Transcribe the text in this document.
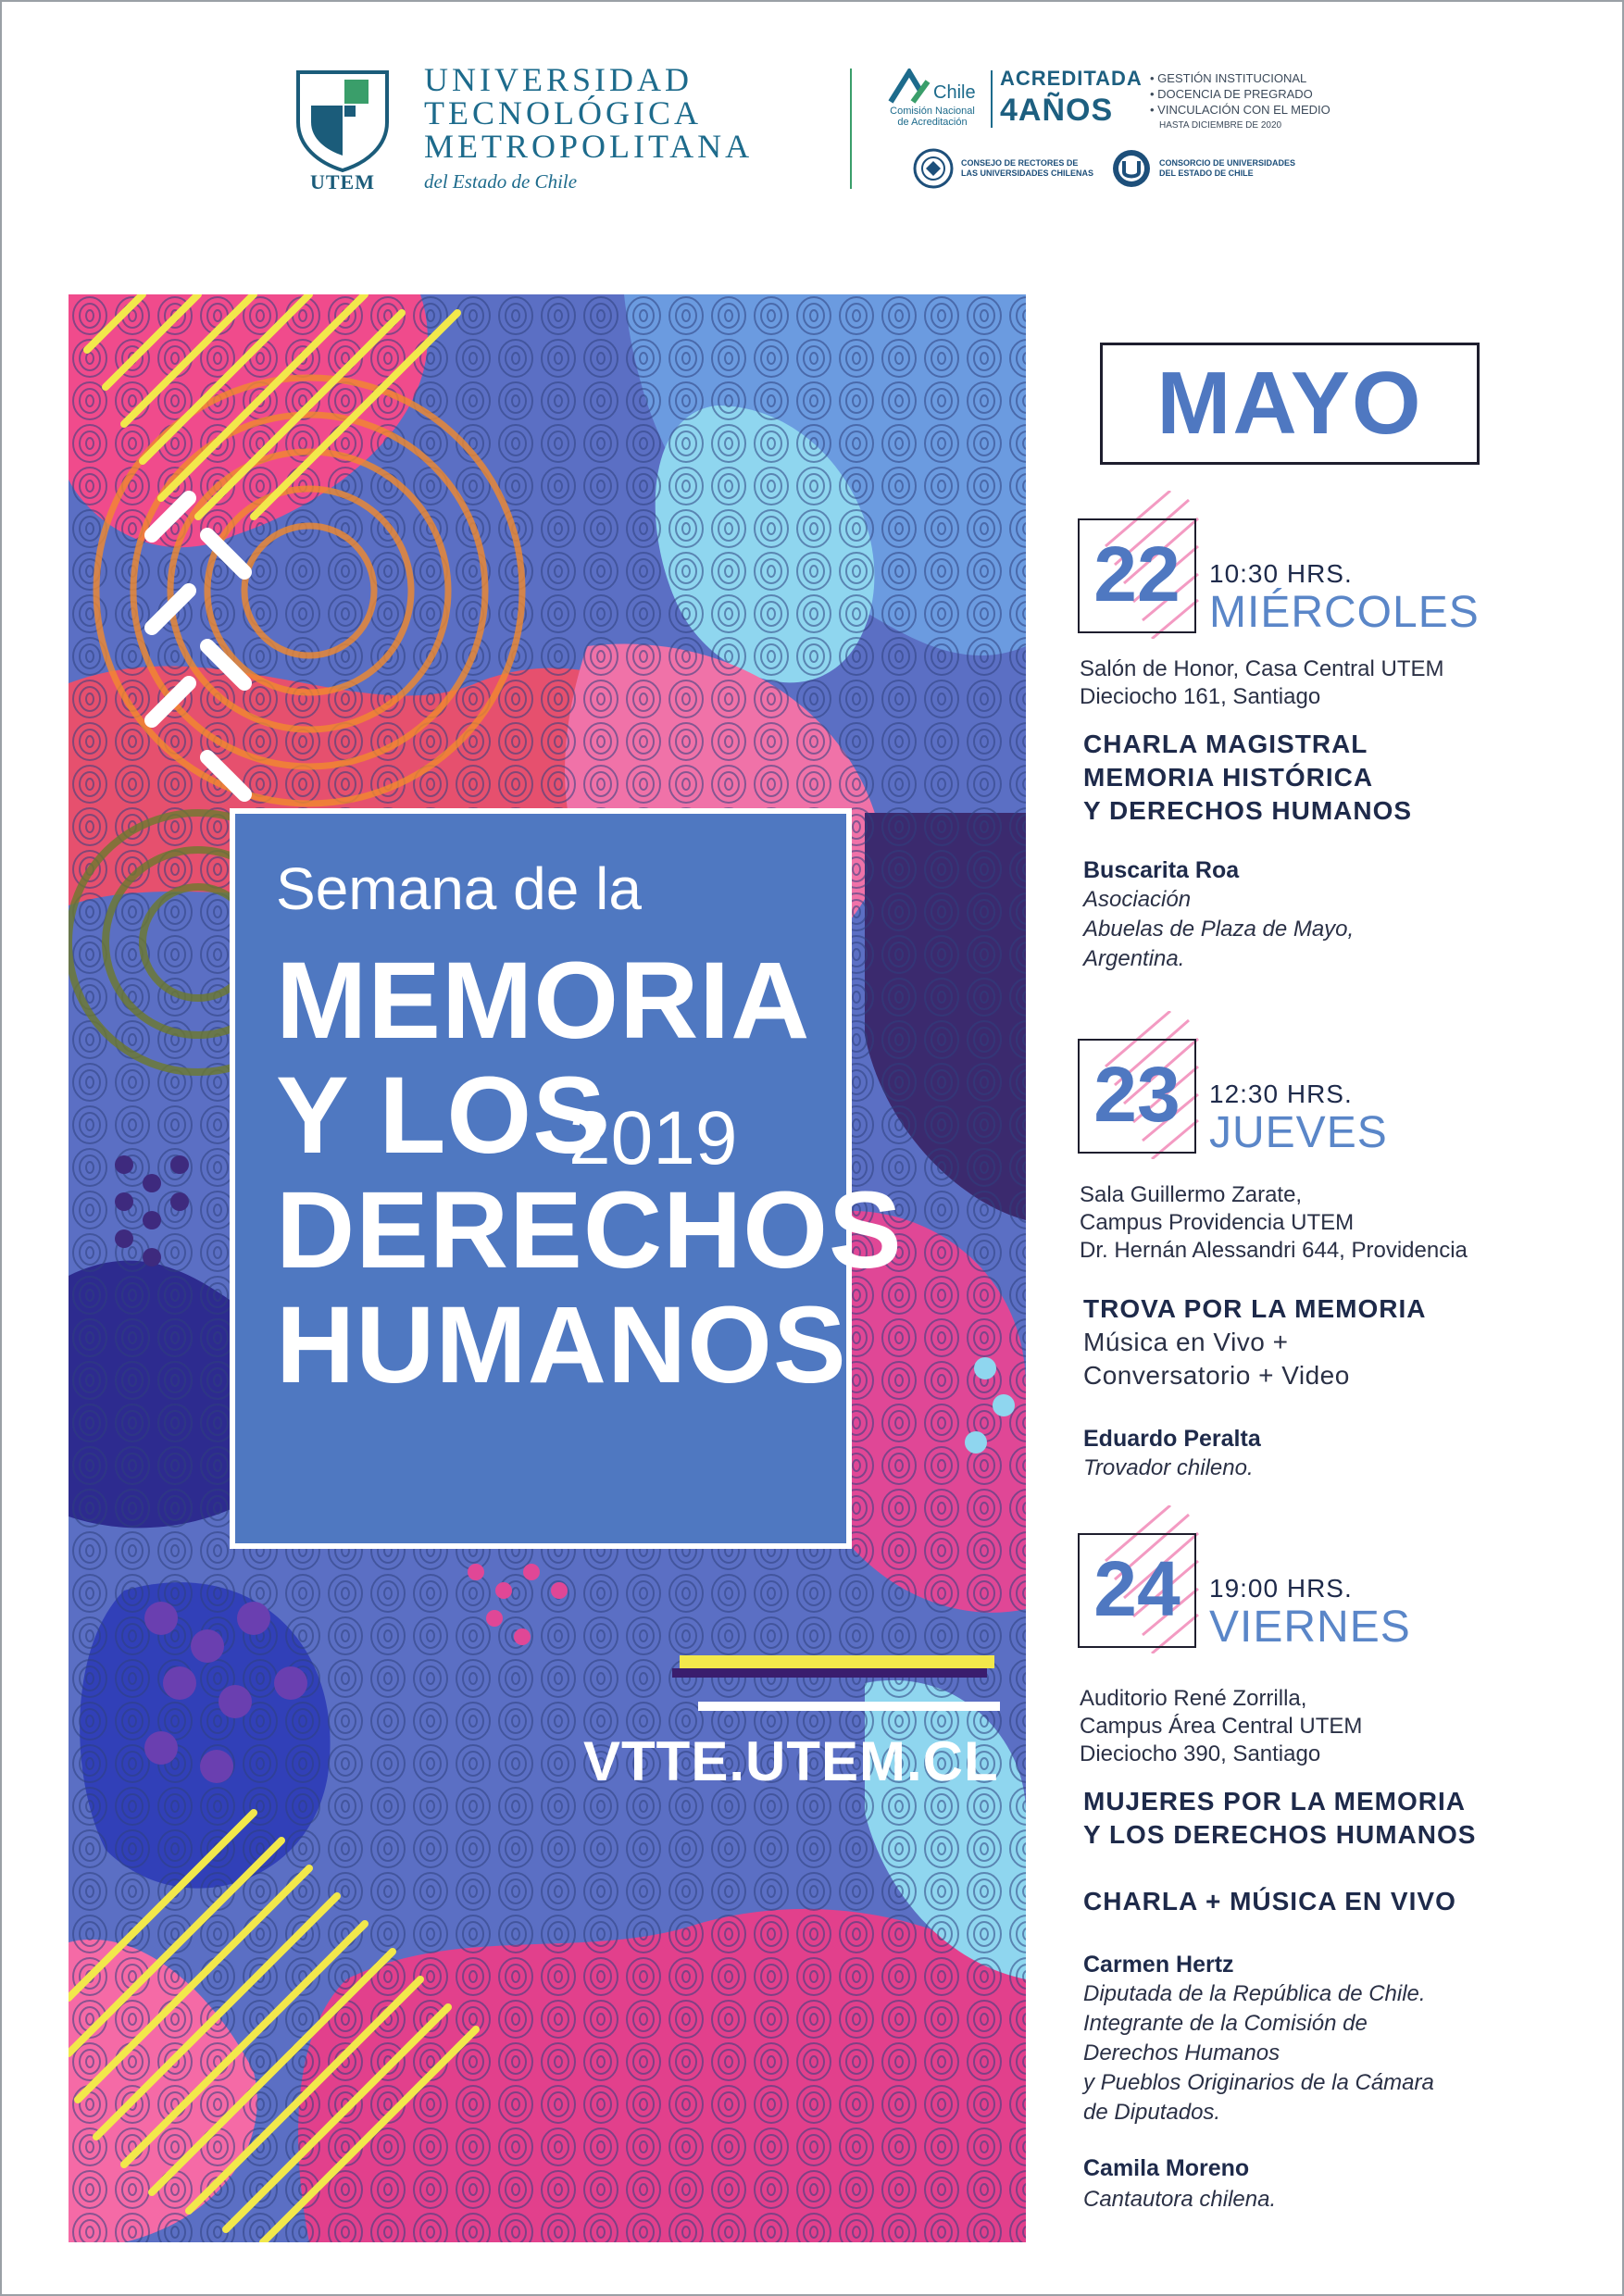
UTEM
UNIVERSIDAD
TECNOLÓGICA
METROPOLITANA
del Estado de Chile
Chile
Comisión Nacional
de Acreditación
ACREDITADA
4AÑOS
• GESTIÓN INSTITUCIONAL
• DOCENCIA DE PREGRADO
• VINCULACIÓN CON EL MEDIO
HASTA DICIEMBRE DE 2020
CONSEJO DE RECTORES DE
LAS UNIVERSIDADES CHILENAS
CONSORCIO DE UNIVERSIDADES
DEL ESTADO DE CHILE
Semana de la
MEMORIA
Y LOS
DERECHOS
HUMANOS
2019
VTTE.UTEM.CL
MAYO
22	10:30 HRS.
MIÉRCOLES
Salón de Honor, Casa Central UTEM
Dieciocho 161, Santiago
CHARLA MAGISTRAL
MEMORIA HISTÓRICA
Y DERECHOS HUMANOS
Buscarita Roa
Asociación
Abuelas de Plaza de Mayo,
Argentina.
23	12:30 HRS.
JUEVES
Sala Guillermo Zarate,
Campus Providencia UTEM
Dr. Hernán Alessandri 644, Providencia
TROVA POR LA MEMORIA
Música en Vivo +
Conversatorio + Video
Eduardo Peralta
Trovador chileno.
24	19:00 HRS.
VIERNES
Auditorio René Zorrilla,
Campus Área Central UTEM
Dieciocho 390, Santiago
MUJERES POR LA MEMORIA
Y LOS DERECHOS HUMANOS
CHARLA + MÚSICA EN VIVO
Carmen Hertz
Diputada de la República de Chile.
Integrante de la Comisión de
Derechos Humanos
y Pueblos Originarios de la Cámara
de Diputados.
Camila Moreno
Cantautora chilena.
